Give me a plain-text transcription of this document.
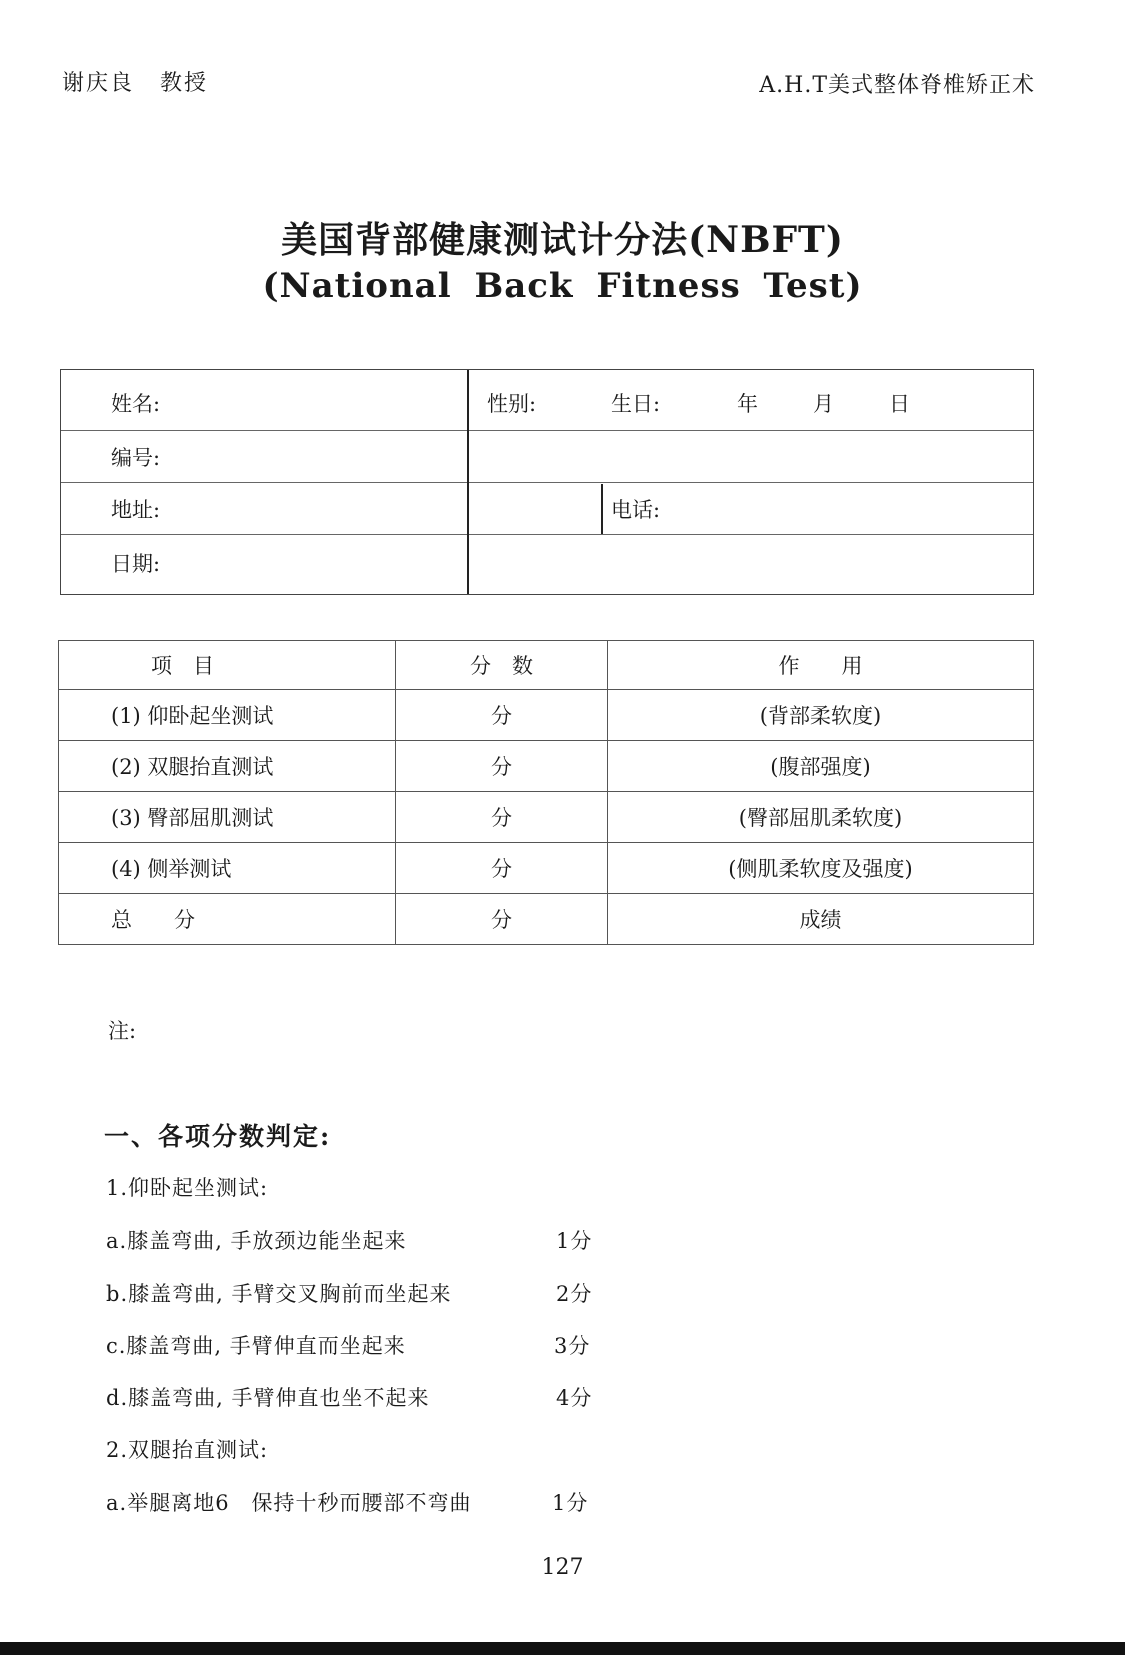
谢庆良 教授	A.H.T美式整体脊椎矫正术
美国背部健康测试计分法(NBFT)
(National Back Fitness Test)
姓名:	性别:	生日:	年	月	日
编号:
地址:	电话:
日期:
项　目	分　数	作　　用
(1) 仰卧起坐测试	分	(背部柔软度)
(2) 双腿抬直测试	分	(腹部强度)
(3) 臀部屈肌测试	分	(臀部屈肌柔软度)
(4) 侧举测试	分	(侧肌柔软度及强度)
总　　分	分	成绩
注:
一、各项分数判定:
1.仰卧起坐测试:
a.膝盖弯曲, 手放颈边能坐起来	1分
b.膝盖弯曲, 手臂交叉胸前而坐起来	2分
c.膝盖弯曲, 手臂伸直而坐起来	3分
d.膝盖弯曲, 手臂伸直也坐不起来	4分
2.双腿抬直测试:
a.举腿离地6　保持十秒而腰部不弯曲	1分
127
